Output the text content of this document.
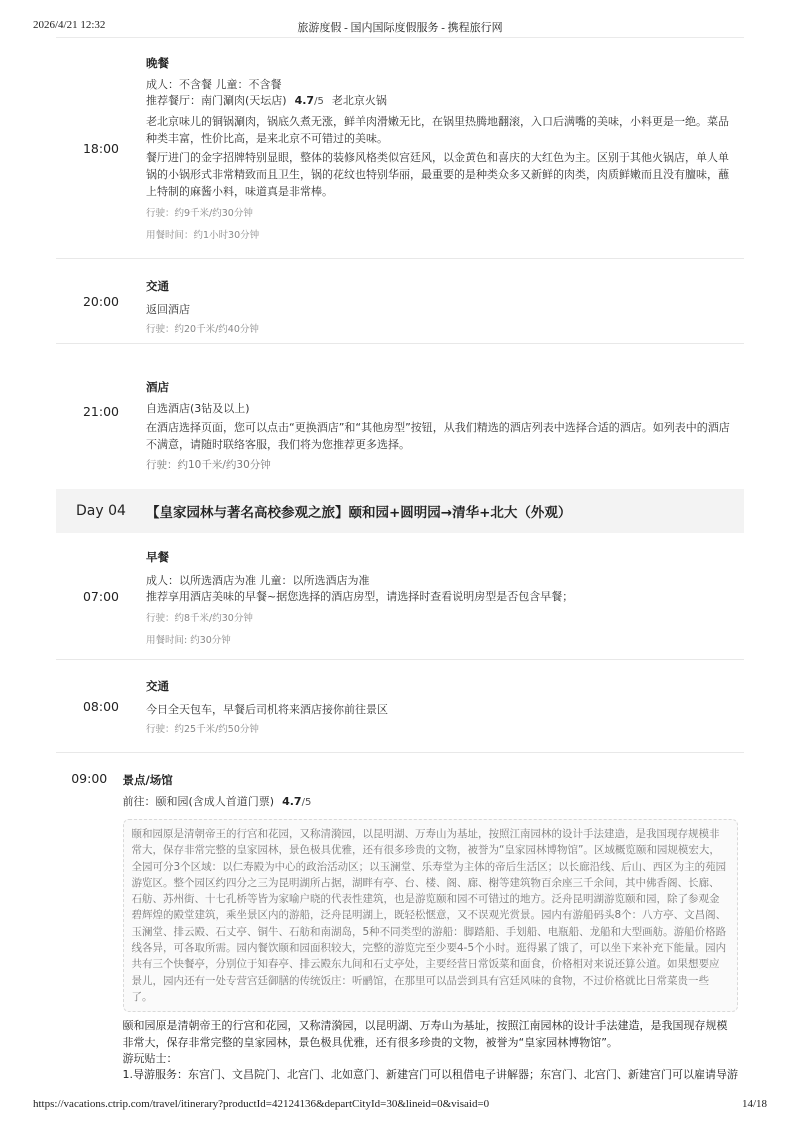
2026/4/21 12:32	旅游度假 - 国内国际度假服务 - 携程旅行网
18:00
晚餐
成人：不含餐 儿童：不含餐
推荐餐厅：南门涮肉(天坛店) 4.7/5 老北京火锅
老北京味儿的铜锅涮肉，锅底久煮无涨，鲜羊肉滑嫩无比，在锅里热腾地翻滚，入口后满嘴的美味，小料更是一绝。菜品种类丰富，性价比高，是来北京不可错过的美味。
餐厅进门的金字招牌特别显眼，整体的装修风格类似宫廷风，以金黄色和喜庆的大红色为主。区别于其他火锅店，单人单锅的小锅形式非常精致而且卫生，锅的花纹也特别华丽，最重要的是种类众多又新鲜的肉类，肉质鲜嫩而且没有膻味，蘸上特制的麻酱小料，味道真是非常棒。
行驶：约9千米/约30分钟
用餐时间：约1小时30分钟
20:00
交通
返回酒店
行驶：约20千米/约40分钟
21:00
酒店
自选酒店(3钻及以上)
在酒店选择页面，您可以点击“更换酒店”和“其他房型”按钮，从我们精选的酒店列表中选择合适的酒店。如列表中的酒店不满意，请随时联络客服，我们将为您推荐更多选择。
行驶：约10千米/约30分钟
Day 04	【皇家园林与著名高校参观之旅】颐和园+圆明园→清华+北大（外观）
07:00
早餐
成人：以所选酒店为准 儿童：以所选酒店为准
推荐享用酒店美味的早餐~据您选择的酒店房型，请选择时查看说明房型是否包含早餐；
行驶：约8千米/约30分钟
用餐时间: 约30分钟
08:00
交通
今日全天包车，早餐后司机将来酒店接你前往景区
行驶：约25千米/约50分钟
09:00	景点/场馆
前往：颐和园(含成人首道门票) 4.7/5
颐和园原是清朝帝王的行宫和花园，又称清漪园，以昆明湖、万寿山为基址，按照江南园林的设计手法建造，是我国现存规模非常大，保存非常完整的皇家园林，景色极具优雅，还有很多珍贵的文物，被誉为“皇家园林博物馆”。区域概览颐和园规模宏大，全园可分3个区域：以仁寿殿为中心的政治活动区；以玉澜堂、乐寿堂为主体的帝后生活区；以长廊沿线、后山、西区为主的苑园游览区。整个园区约四分之三为昆明湖所占据，湖畔有亭、台、楼、阁、廊、榭等建筑物百余座三千余间，其中佛香阁、长廊、石舫、苏州街、十七孔桥等皆为家喻户晓的代表性建筑，也是游览颐和园不可错过的地方。泛舟昆明湖游览颐和园，除了参观金碧辉煌的殿堂建筑，乘坐景区内的游船，泛舟昆明湖上，既轻松惬意，又不误观光赏景。园内有游船码头8个：八方亭、文昌阁、玉澜堂、排云殿、石丈亭、铜牛、石舫和南湖岛，5种不同类型的游船：脚踏船、手划船、电瓶船、龙船和大型画舫。游船价格路线各异，可各取所需。园内餐饮颐和园面积较大，完整的游览完至少要4-5个小时。逛得累了饿了，可以坐下来补充下能量。园内共有三个快餐亭，分别位于知春亭、排云殿东九间和石丈亭处，主要经营日常饭菜和面食，价格相对来说还算公道。如果想要应景儿，园内还有一处专营宫廷御膳的传统饭庄：听鹂馆，在那里可以品尝到具有宫廷风味的食物，不过价格就比日常菜贵一些了。
颐和园原是清朝帝王的行宫和花园，又称清漪园，以昆明湖、万寿山为基址，按照江南园林的设计手法建造，是我国现存规模非常大，保存非常完整的皇家园林，景色极具优雅，还有很多珍贵的文物，被誉为“皇家园林博物馆”。
游玩贴士：
1.导游服务：东宫门、文昌院门、北宫门、北如意门、新建宫门可以租借电子讲解器；东宫门、北宫门、新建宫门可以雇请导游
https://vacations.ctrip.com/travel/itinerary?productId=42124136&departCityId=30&lineid=0&visaid=0	14/18
